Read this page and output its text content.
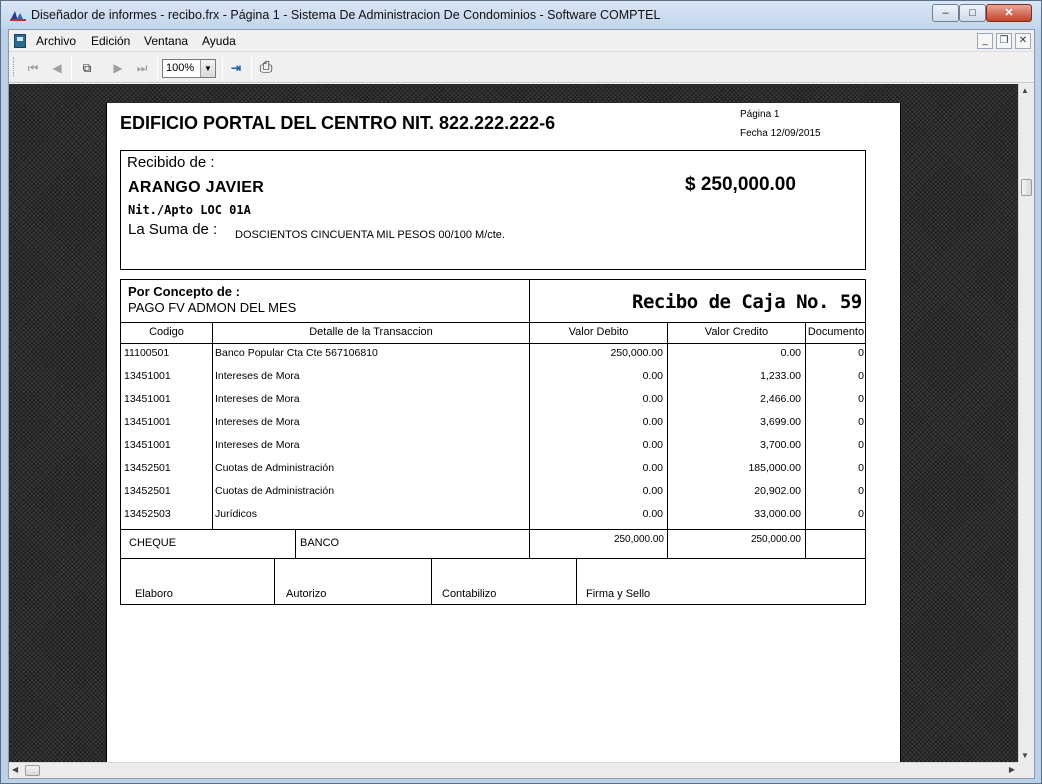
Diseñador de informes - recibo.frx - Página 1 - Sistema De Administracion De Condominios - Software COMPTEL	‒	□	✕
Archivo Edición Ventana Ayuda	_	❐	✕
⏮	◀	⧉	▶	⏭	100%	▼	⇥	⎙
EDIFICIO PORTAL DEL CENTRO NIT. 822.222.222-6	Página 1
Fecha 12/09/2015
Recibido de :
ARANGO JAVIER
Nit./Apto LOC 01A
La Suma de : DOSCIENTOS CINCUENTA MIL PESOS 00/100 M/cte.
$ 250,000.00
Por Concepto de :
PAGO FV ADMON DEL MES	Recibo de Caja No. 59
Codigo	Detalle de la Transaccion	Valor Debito	Valor Credito	Documento
11100501	Banco Popular Cta Cte 567106810	250,000.00	0.00	0
13451001	Intereses de Mora	0.00	1,233.00	0
13451001	Intereses de Mora	0.00	2,466.00	0
13451001	Intereses de Mora	0.00	3,699.00	0
13451001	Intereses de Mora	0.00	3,700.00	0
13452501	Cuotas de Administración	0.00	185,000.00	0
13452501	Cuotas de Administración	0.00	20,902.00	0
13452503	Jurídicos	0.00	33,000.00	0
CHEQUE	BANCO	250,000.00	250,000.00
Elaboro	Autorizo	Contabilizo	Firma y Sello
▲
▼
◀	▶
